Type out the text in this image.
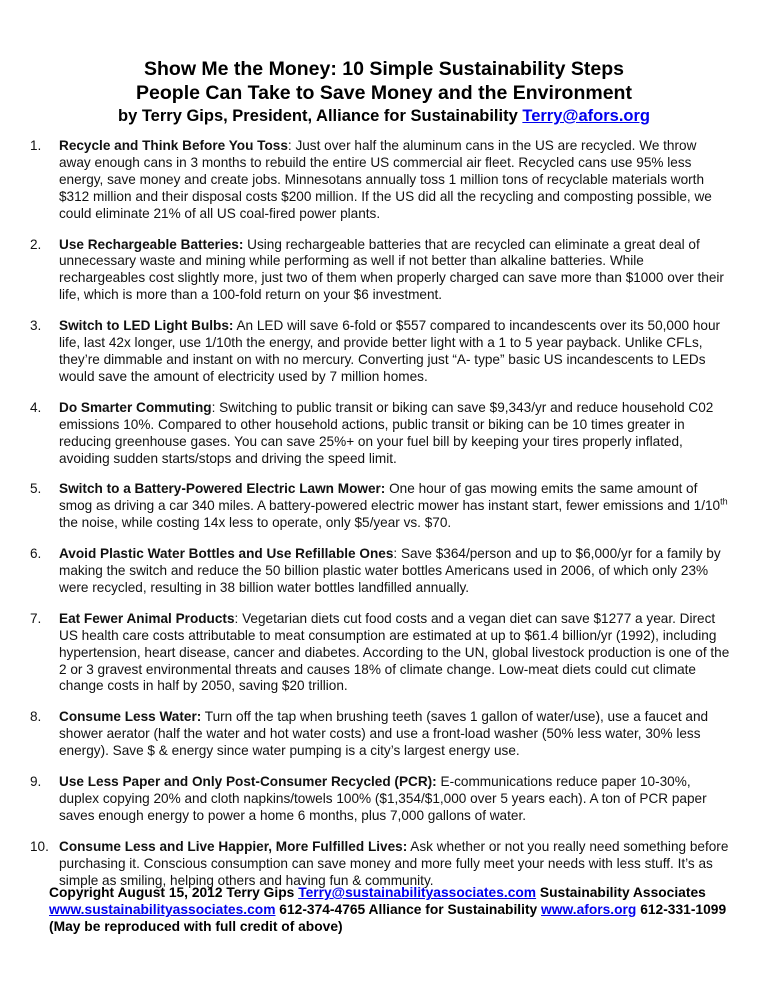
Show Me the Money: 10 Simple Sustainability Steps
People Can Take to Save Money and the Environment
by Terry Gips, President, Alliance for Sustainability Terry@afors.org
1. Recycle and Think Before You Toss: Just over half the aluminum cans in the US are recycled. We throw away enough cans in 3 months to rebuild the entire US commercial air fleet. Recycled cans use 95% less energy, save money and create jobs. Minnesotans annually toss 1 million tons of recyclable materials worth $312 million and their disposal costs $200 million. If the US did all the recycling and composting possible, we could eliminate 21% of all US coal-fired power plants.
2. Use Rechargeable Batteries: Using rechargeable batteries that are recycled can eliminate a great deal of unnecessary waste and mining while performing as well if not better than alkaline batteries. While rechargeables cost slightly more, just two of them when properly charged can save more than $1000 over their life, which is more than a 100-fold return on your $6 investment.
3. Switch to LED Light Bulbs: An LED will save 6-fold or $557 compared to incandescents over its 50,000 hour life, last 42x longer, use 1/10th the energy, and provide better light with a 1 to 5 year payback. Unlike CFLs, they’re dimmable and instant on with no mercury. Converting just “A- type” basic US incandescents to LEDs would save the amount of electricity used by 7 million homes.
4. Do Smarter Commuting: Switching to public transit or biking can save $9,343/yr and reduce household C02 emissions 10%. Compared to other household actions, public transit or biking can be 10 times greater in reducing greenhouse gases. You can save 25%+ on your fuel bill by keeping your tires properly inflated, avoiding sudden starts/stops and driving the speed limit.
5. Switch to a Battery-Powered Electric Lawn Mower: One hour of gas mowing emits the same amount of smog as driving a car 340 miles. A battery-powered electric mower has instant start, fewer emissions and 1/10th the noise, while costing 14x less to operate, only $5/year vs. $70.
6. Avoid Plastic Water Bottles and Use Refillable Ones: Save $364/person and up to $6,000/yr for a family by making the switch and reduce the 50 billion plastic water bottles Americans used in 2006, of which only 23% were recycled, resulting in 38 billion water bottles landfilled annually.
7. Eat Fewer Animal Products: Vegetarian diets cut food costs and a vegan diet can save $1277 a year. Direct US health care costs attributable to meat consumption are estimated at up to $61.4 billion/yr (1992), including hypertension, heart disease, cancer and diabetes. According to the UN, global livestock production is one of the 2 or 3 gravest environmental threats and causes 18% of climate change. Low-meat diets could cut climate change costs in half by 2050, saving $20 trillion.
8. Consume Less Water: Turn off the tap when brushing teeth (saves 1 gallon of water/use), use a faucet and shower aerator (half the water and hot water costs) and use a front-load washer (50% less water, 30% less energy). Save $ & energy since water pumping is a city’s largest energy use.
9. Use Less Paper and Only Post-Consumer Recycled (PCR): E-communications reduce paper 10-30%, duplex copying 20% and cloth napkins/towels 100% ($1,354/$1,000 over 5 years each). A ton of PCR paper saves enough energy to power a home 6 months, plus 7,000 gallons of water.
10. Consume Less and Live Happier, More Fulfilled Lives: Ask whether or not you really need something before purchasing it. Conscious consumption can save money and more fully meet your needs with less stuff. It’s as simple as smiling, helping others and having fun & community.
Copyright August 15, 2012 Terry Gips Terry@sustainabilityassociates.com Sustainability Associates www.sustainabilityassociates.com 612-374-4765 Alliance for Sustainability www.afors.org 612-331-1099 (May be reproduced with full credit of above)
